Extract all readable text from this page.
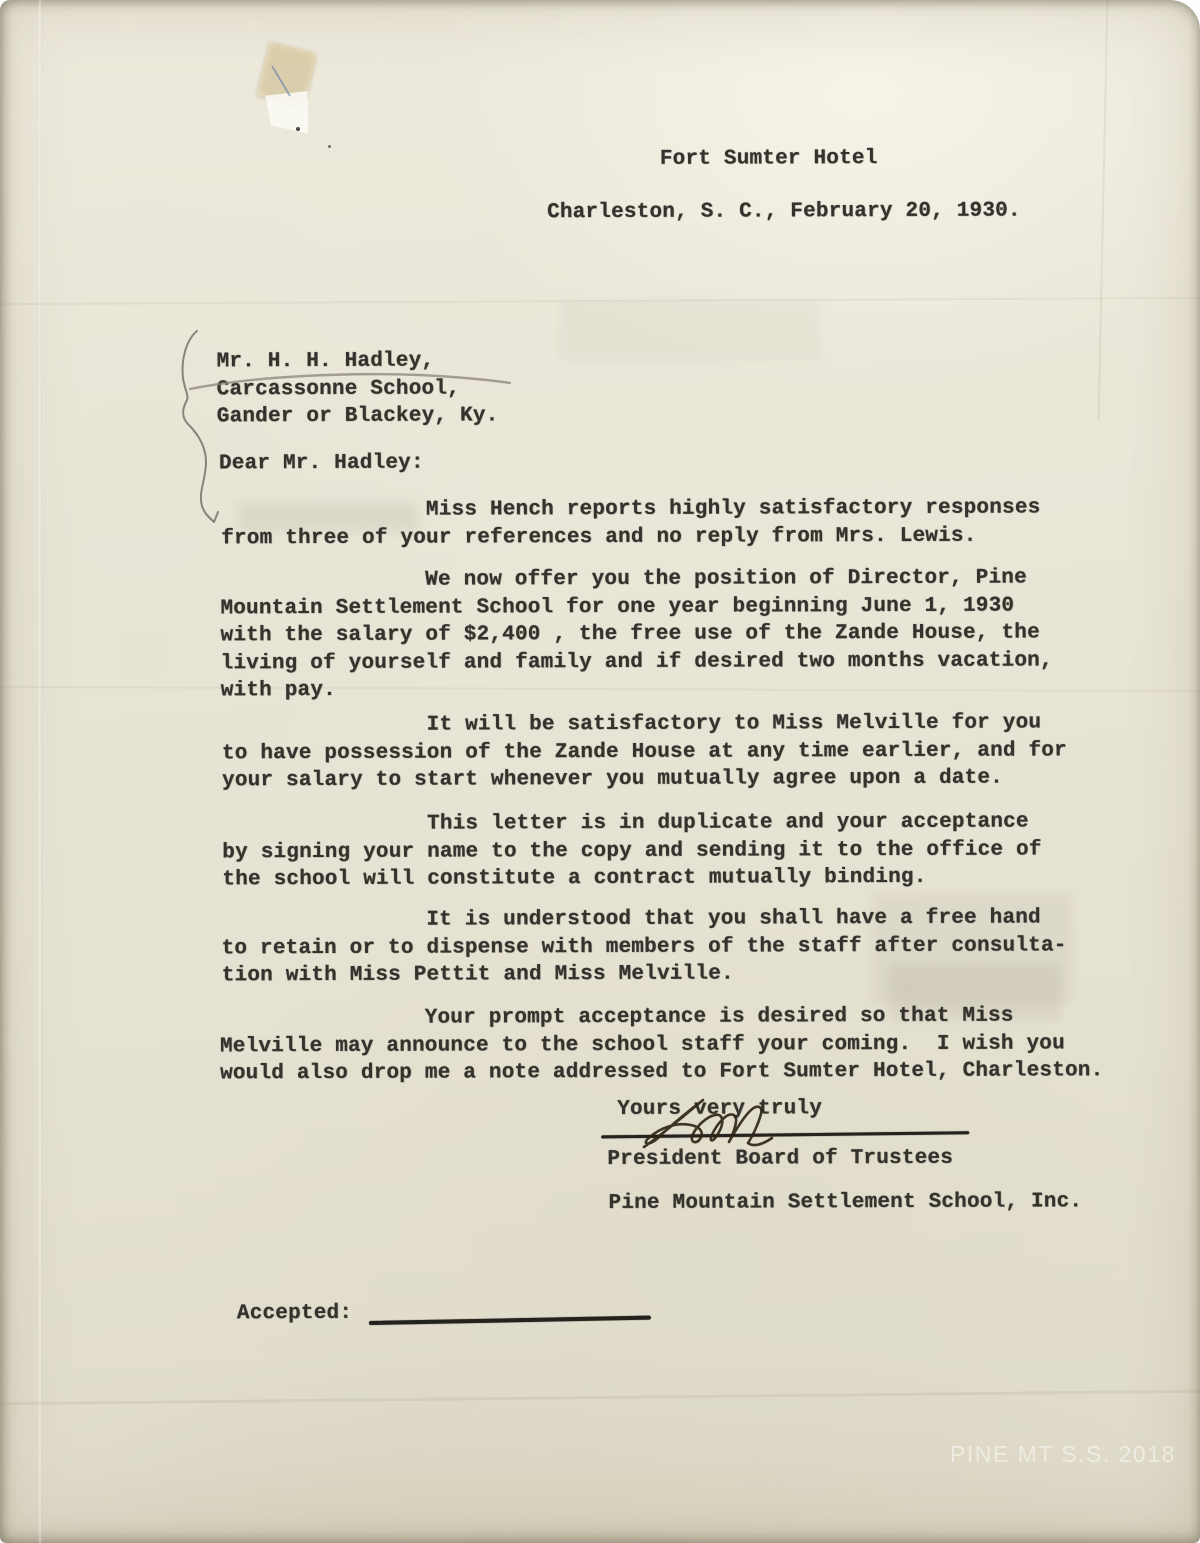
Fort Sumter Hotel
Charleston, S. C., February 20, 1930.
Mr. H. H. Hadley,
Carcassonne School,
Gander or Blackey, Ky.
Dear Mr. Hadley:
Miss Hench reports highly satisfactory responses
from three of your references and no reply from Mrs. Lewis.
We now offer you the position of Director, Pine
Mountain Settlement School for one year beginning June 1, 1930
with the salary of $2,400 , the free use of the Zande House, the
living of yourself and family and if desired two months vacation,
with pay.
It will be satisfactory to Miss Melville for you
to have possession of the Zande House at any time earlier, and for
your salary to start whenever you mutually agree upon a date.
This letter is in duplicate and your acceptance
by signing your name to the copy and sending it to the office of
the school will constitute a contract mutually binding.
It is understood that you shall have a free hand
to retain or to dispense with members of the staff after consulta-
tion with Miss Pettit and Miss Melville.
Your prompt acceptance is desired so that Miss
Melville may announce to the school staff your coming.  I wish you
would also drop me a note addressed to Fort Sumter Hotel, Charleston.
Yours very truly
President Board of Trustees
Pine Mountain Settlement School, Inc.
Accepted:
PINE MT S.S. 2018
